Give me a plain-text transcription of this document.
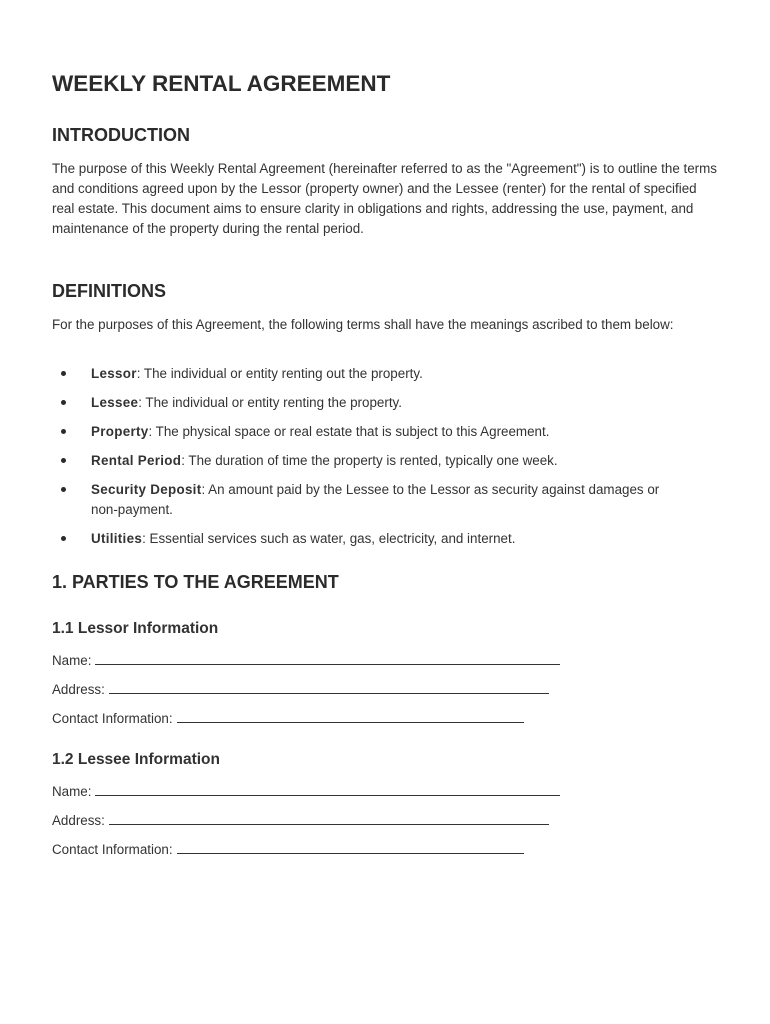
WEEKLY RENTAL AGREEMENT
INTRODUCTION

The purpose of this Weekly Rental Agreement (hereinafter referred to as the "Agreement") is to outline the terms and conditions agreed upon by the Lessor (property owner) and the Lessee (renter) for the rental of specified real estate. This document aims to ensure clarity in obligations and rights, addressing the use, payment, and maintenance of the property during the rental period.

DEFINITIONS

For the purposes of this Agreement, the following terms shall have the meanings ascribed to them below:

Lessor: The individual or entity renting out the property.
Lessee: The individual or entity renting the property.
Property: The physical space or real estate that is subject to this Agreement.
Rental Period: The duration of time the property is rented, typically one week.
Security Deposit: An amount paid by the Lessee to the Lessor as security against damages or non-payment.
Utilities: Essential services such as water, gas, electricity, and internet.
1. PARTIES TO THE AGREEMENT
1.1 Lessor Information
Name:
Address:
Contact Information:
1.2 Lessee Information
Name:
Address:
Contact Information:
